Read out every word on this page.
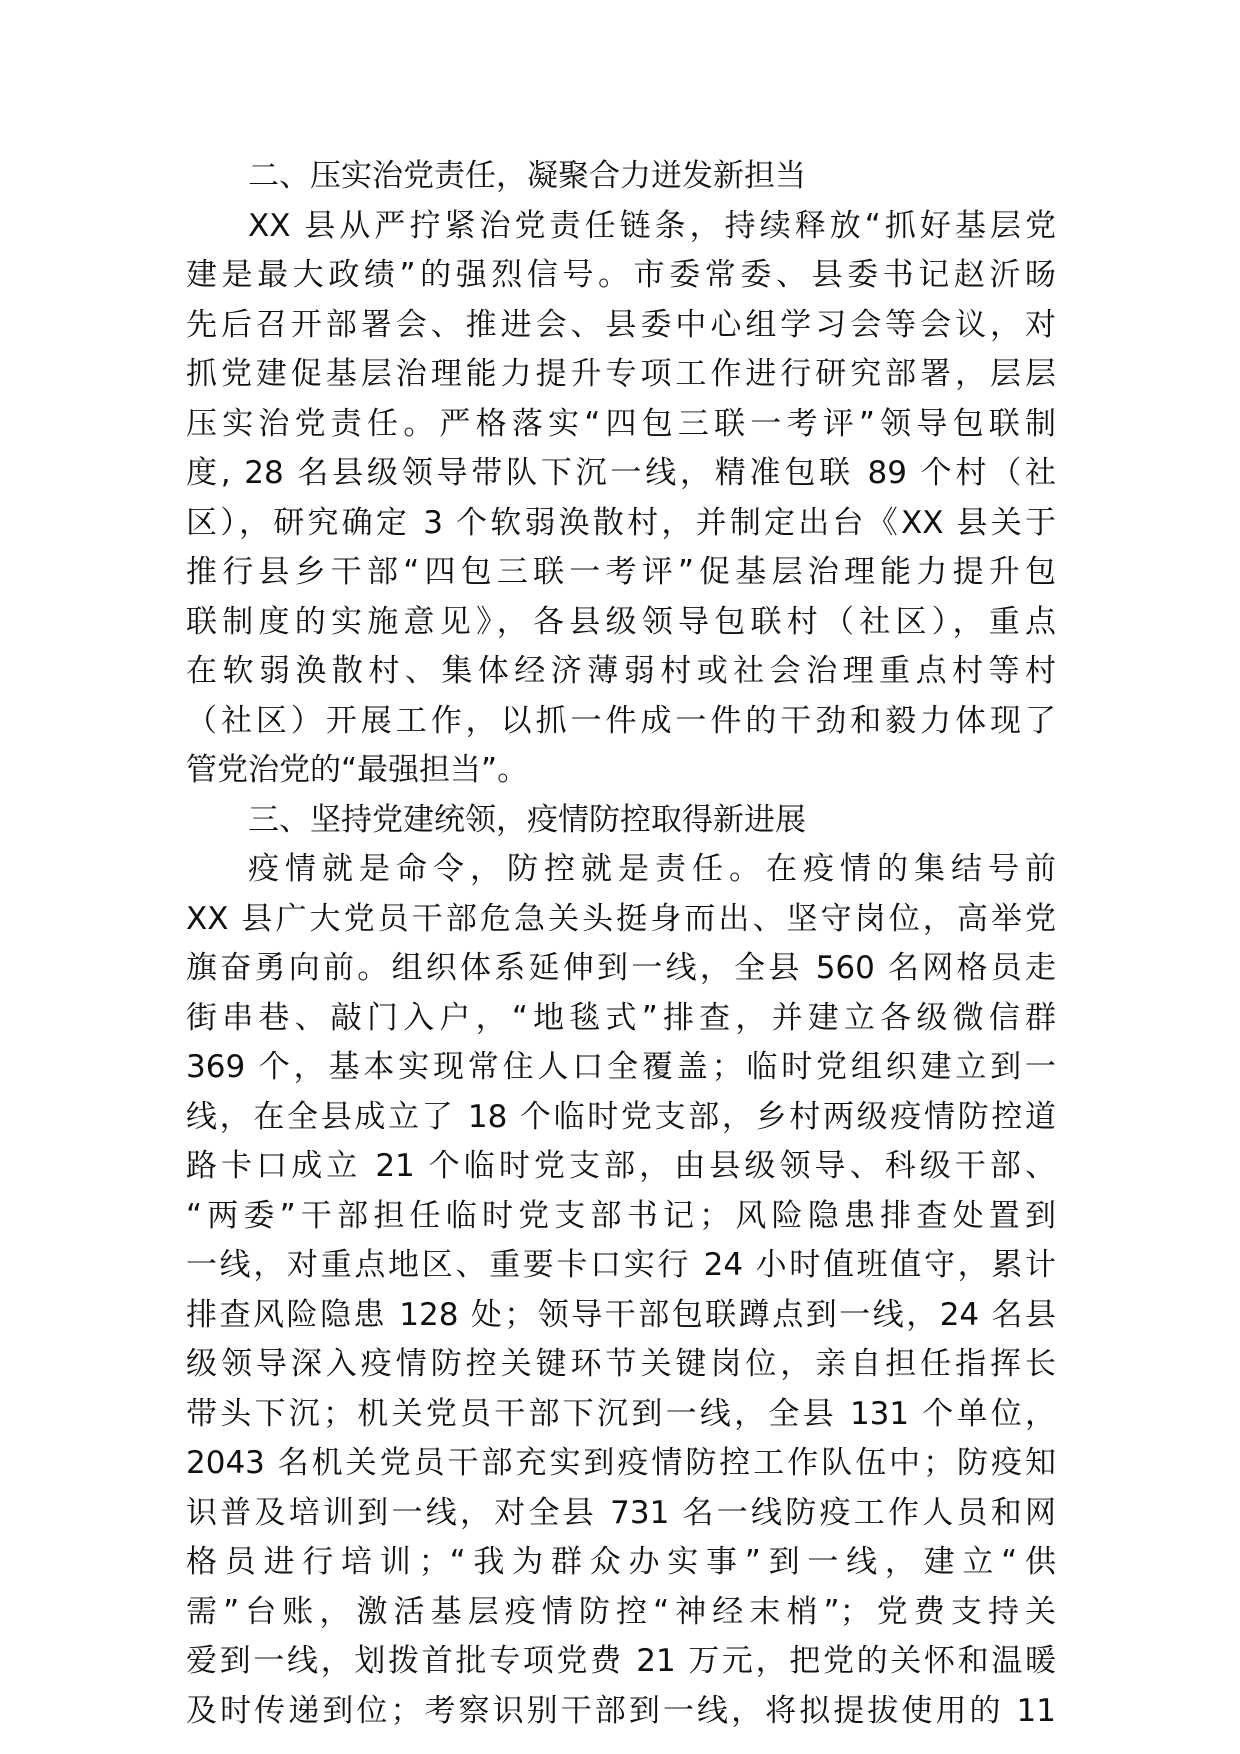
二、压实治党责任，凝聚合力迸发新担当
XX 县从严拧紧治党责任链条，持续释放“抓好基层党
建是最大政绩”的强烈信号。市委常委、县委书记赵沂旸
先后召开部署会、推进会、县委中心组学习会等会议，对
抓党建促基层治理能力提升专项工作进行研究部署，层层
压实治党责任。严格落实“四包三联一考评”领导包联制
度, 28 名县级领导带队下沉一线，精准包联 89 个村（社
区），研究确定 3 个软弱涣散村，并制定出台《XX 县关于
推行县乡干部“四包三联一考评”促基层治理能力提升包
联制度的实施意见》，各县级领导包联村（社区），重点
在软弱涣散村、集体经济薄弱村或社会治理重点村等村
（社区）开展工作，以抓一件成一件的干劲和毅力体现了
管党治党的“最强担当”。
三、坚持党建统领，疫情防控取得新进展
疫情就是命令，防控就是责任。在疫情的集结号前
XX 县广大党员干部危急关头挺身而出、坚守岗位，高举党
旗奋勇向前。组织体系延伸到一线，全县 560 名网格员走
街串巷、敲门入户，“地毯式”排查，并建立各级微信群
369 个，基本实现常住人口全覆盖；临时党组织建立到一
线，在全县成立了 18 个临时党支部，乡村两级疫情防控道
路卡口成立 21 个临时党支部，由县级领导、科级干部、
“两委”干部担任临时党支部书记；风险隐患排查处置到
一线，对重点地区、重要卡口实行 24 小时值班值守，累计
排查风险隐患 128 处；领导干部包联蹲点到一线，24 名县
级领导深入疫情防控关键环节关键岗位，亲自担任指挥长
带头下沉；机关党员干部下沉到一线，全县 131 个单位，
2043 名机关党员干部充实到疫情防控工作队伍中；防疫知
识普及培训到一线，对全县 731 名一线防疫工作人员和网
格员进行培训；“我为群众办实事”到一线，建立“供
需”台账，激活基层疫情防控“神经末梢”；党费支持关
爱到一线，划拨首批专项党费 21 万元，把党的关怀和温暖
及时传递到位；考察识别干部到一线，将拟提拔使用的 11
